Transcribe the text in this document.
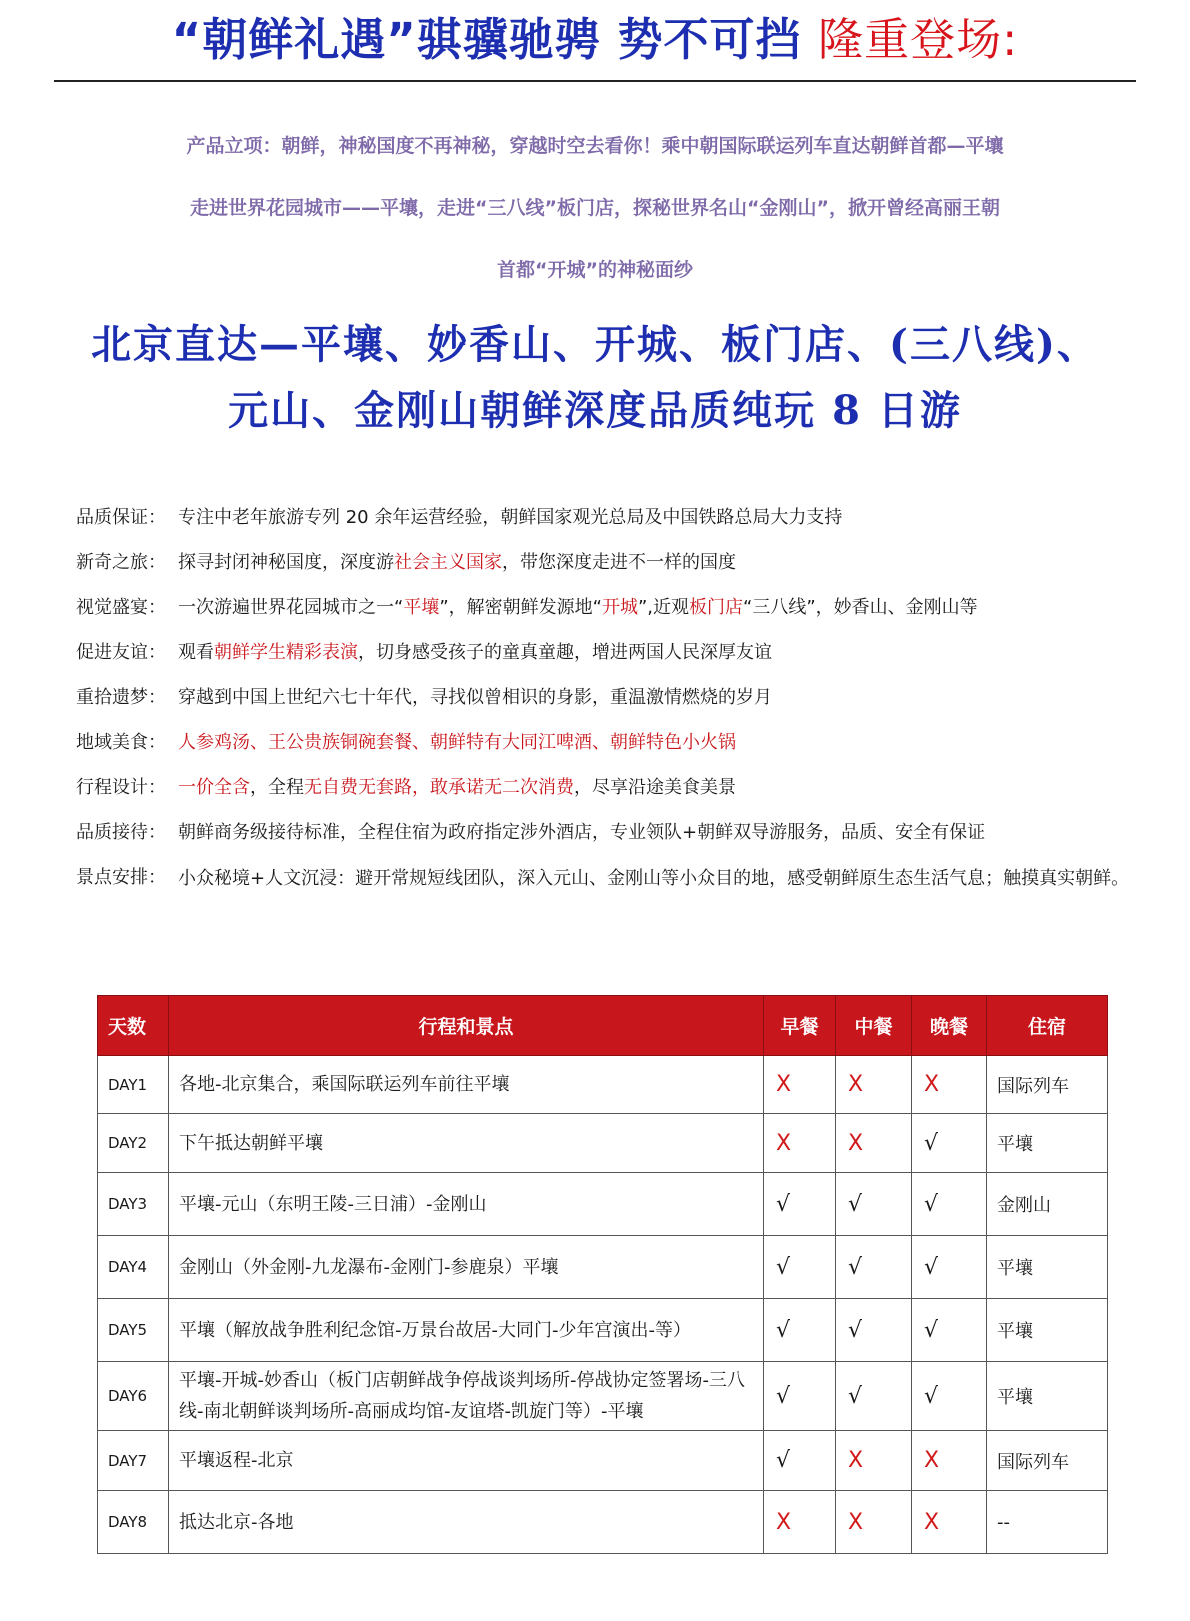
“朝鲜礼遇”骐骥驰骋 势不可挡 隆重登场:
产品立项：朝鲜，神秘国度不再神秘，穿越时空去看你！乘中朝国际联运列车直达朝鲜首都—平壤
走进世界花园城市——平壤，走进“三八线”板门店，探秘世界名山“金刚山”，掀开曾经高丽王朝
首都“开城”的神秘面纱
北京直达—平壤、妙香山、开城、板门店、(三八线)、
元山、金刚山朝鲜深度品质纯玩 8 日游
品质保证： 专注中老年旅游专列 20 余年运营经验，朝鲜国家观光总局及中国铁路总局大力支持
新奇之旅： 探寻封闭神秘国度，深度游社会主义国家，带您深度走进不一样的国度
视觉盛宴： 一次游遍世界花园城市之一“平壤”，解密朝鲜发源地“开城”,近观板门店“三八线”，妙香山、金刚山等
促进友谊： 观看朝鲜学生精彩表演，切身感受孩子的童真童趣，增进两国人民深厚友谊
重拾遗梦： 穿越到中国上世纪六七十年代，寻找似曾相识的身影，重温激情燃烧的岁月
地域美食： 人参鸡汤、王公贵族铜碗套餐、朝鲜特有大同江啤酒、朝鲜特色小火锅
行程设计： 一价全含，全程无自费无套路，敢承诺无二次消费，尽享沿途美食美景
品质接待： 朝鲜商务级接待标准，全程住宿为政府指定涉外酒店，专业领队+朝鲜双导游服务，品质、安全有保证
景点安排： 小众秘境+人文沉浸：避开常规短线团队，深入元山、金刚山等小众目的地，感受朝鲜原生态生活气息；触摸真实朝鲜。
天数	行程和景点	早餐	中餐	晚餐	住宿
DAY1	各地-北京集合，乘国际联运列车前往平壤	X	X	X	国际列车
DAY2	下午抵达朝鲜平壤	X	X	√	平壤
DAY3	平壤-元山（东明王陵-三日浦）-金刚山	√	√	√	金刚山
DAY4	金刚山（外金刚-九龙瀑布-金刚门-参鹿泉）平壤	√	√	√	平壤
DAY5	平壤（解放战争胜利纪念馆-万景台故居-大同门-少年宫演出-等）	√	√	√	平壤
DAY6	平壤-开城-妙香山（板门店朝鲜战争停战谈判场所-停战协定签署场-三八线-南北朝鲜谈判场所-高丽成均馆-友谊塔-凯旋门等）-平壤	√	√	√	平壤
DAY7	平壤返程-北京	√	X	X	国际列车
DAY8	抵达北京-各地	X	X	X	--
